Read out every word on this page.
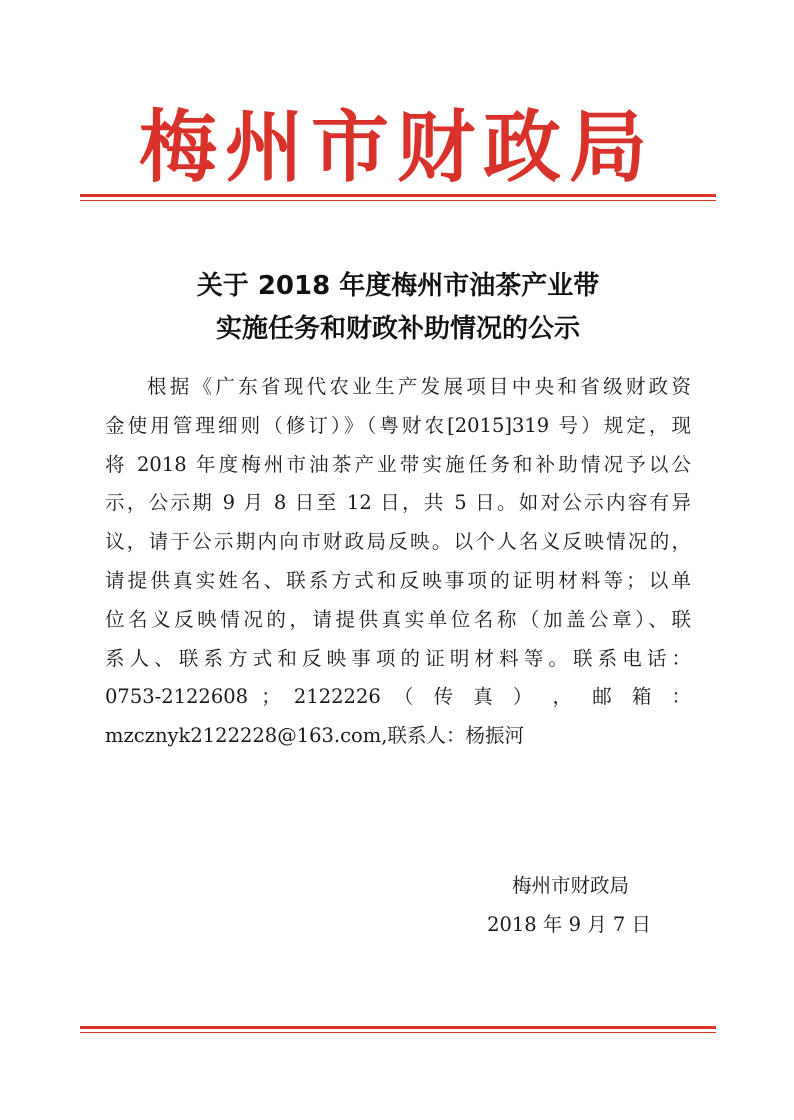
梅州市财政局
关于 2018 年度梅州市油茶产业带
实施任务和财政补助情况的公示
根据《广东省现代农业生产发展项目中央和省级财政资
金使用管理细则（修订）》（粤财农[2015]319 号）规定，现
将 2018 年度梅州市油茶产业带实施任务和补助情况予以公
示，公示期 9 月 8 日至 12 日，共 5 日。如对公示内容有异
议，请于公示期内向市财政局反映。以个人名义反映情况的，
请提供真实姓名、联系方式和反映事项的证明材料等；以单
位名义反映情况的，请提供真实单位名称（加盖公章）、联
系人、联系方式和反映事项的证明材料等。联系电话：
0753-2122608 ； 2122226 （ 传 真 ） ， 邮 箱 ：
mzcznyk2122228@163.com,联系人：杨振河
梅州市财政局
2018 年 9 月 7 日
